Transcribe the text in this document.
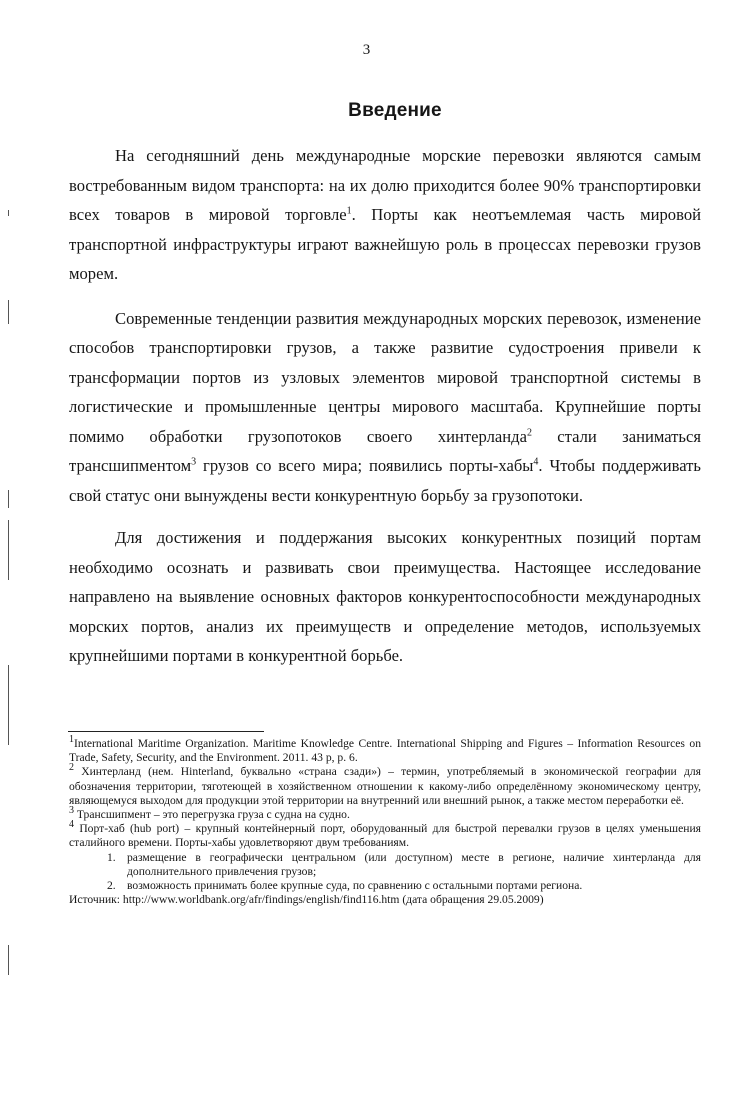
3
Введение

На сегодняшний день международные морские перевозки являются самым востребованным видом транспорта: на их долю приходится более 90% транспортировки всех товаров в мировой торговле$^1$. Порты как неотъемлемая часть мировой транспортной инфраструктуры играют важнейшую роль в процессах перевозки грузов морем.

Современные тенденции развития международных морских перевозок, изменение способов транспортировки грузов, а также развитие судостроения привели к трансформации портов из узловых элементов мировой транспортной системы в логистические и промышленные центры мирового масштаба. Крупнейшие порты помимо обработки грузопотоков своего хинтерланда$^2$ стали заниматься трансшипментом$^3$ грузов со всего мира; появились порты-хабы$^4$. Чтобы поддерживать свой статус они вынуждены вести конкурентную борьбу за грузопотоки.

Для достижения и поддержания высоких конкурентных позиций портам необходимо осознать и развивать свои преимущества. Настоящее исследование направлено на выявление основных факторов конкурентоспособности международных морских портов, анализ их преимуществ и определение методов, используемых крупнейшими портами в конкурентной борьбе.

$^1$International Maritime Organization. Maritime Knowledge Centre. International Shipping and Figures – Information Resources on Trade, Safety, Security, and the Environment. 2011. 43 p, p. 6.

$^2$ Хинтерланд (нем. Hinterland, буквально «страна сзади») – термин, употребляемый в экономической географии для обозначения территории, тяготеющей в хозяйственном отношении к какому-либо определённому экономическому центру, являющемуся выходом для продукции этой территории на внутренний или внешний рынок, а также местом переработки её.

$^3$ Трансшипмент – это перегрузка груза с судна на судно.

$^4$ Порт-хаб (hub port) – крупный контейнерный порт, оборудованный для быстрой перевалки грузов в целях уменьшения сталийного времени. Порты-хабы удовлетворяют двум требованиям.

1. размещение в географически центральном (или доступном) месте в регионе, наличие хинтерланда для дополнительного привлечения грузов;
2. возможность принимать более крупные суда, по сравнению с остальными портами региона.

Источник: http://www.worldbank.org/afr/findings/english/find116.htm (дата обращения 29.05.2009)
